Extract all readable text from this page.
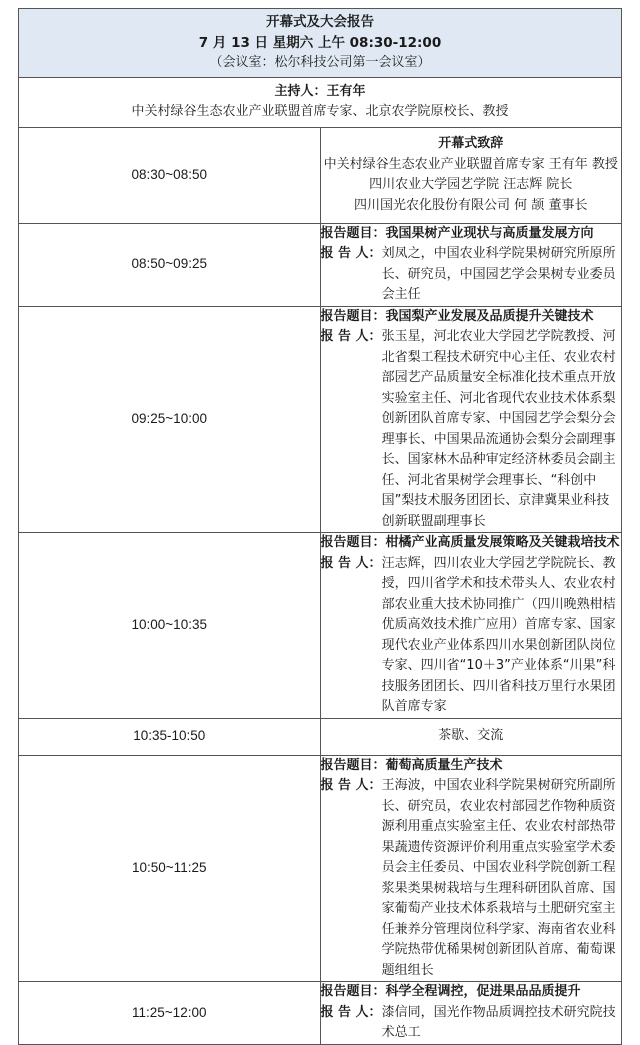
开幕式及大会报告
7 月 13 日 星期六 上午 08:30-12:00
（会议室：松尔科技公司第一会议室）	

主持人：王有年
中关村绿谷生态农业产业联盟首席专家、北京农学院原校长、教授	

08:30~08:50	开幕式致辞
中关村绿谷生态农业产业联盟首席专家 王有年 教授
四川农业大学园艺学院 汪志辉 院长
四川国光农化股份有限公司 何 颉 董事长

08:50~09:25	报告题目： 我国果树产业现状与高质量发展方向
报 告 人： 刘凤之，中国农业科学院果树研究所原所长、研究员，中国园艺学会果树专业委员会主任

09:25~10:00	报告题目： 我国梨产业发展及品质提升关键技术
报 告 人： 张玉星，河北农业大学园艺学院教授、河北省梨工程技术研究中心主任、农业农村部园艺产品质量安全标准化技术重点开放实验室主任、河北省现代农业技术体系梨创新团队首席专家、中国园艺学会梨分会理事长、中国果品流通协会梨分会副理事长、国家林木品种审定经济林委员会副主任、河北省果树学会理事长、“科创中国”梨技术服务团团长、京津冀果业科技创新联盟副理事长

10:00~10:35	报告题目： 柑橘产业高质量发展策略及关键栽培技术
报 告 人： 汪志辉，四川农业大学园艺学院院长、教授，四川省学术和技术带头人、农业农村部农业重大技术协同推广（四川晚熟柑桔优质高效技术推广应用）首席专家、国家现代农业产业体系四川水果创新团队岗位专家、四川省“10＋3”产业体系“川果”科技服务团团长、四川省科技万里行水果团队首席专家

10:35-10:50	茶歇、交流
10:50~11:25	报告题目： 葡萄高质量生产技术
报 告 人： 王海波，中国农业科学院果树研究所副所长、研究员，农业农村部园艺作物种质资源利用重点实验室主任、农业农村部热带果蔬遗传资源评价利用重点实验室学术委员会主任委员、中国农业科学院创新工程浆果类果树栽培与生理科研团队首席、国家葡萄产业技术体系栽培与土肥研究室主任兼养分管理岗位科学家、海南省农业科学院热带优稀果树创新团队首席、葡萄课题组组长

11:25~12:00	报告题目： 科学全程调控，促进果品品质提升
报 告 人： 漆信同，国光作物品质调控技术研究院技术总工
